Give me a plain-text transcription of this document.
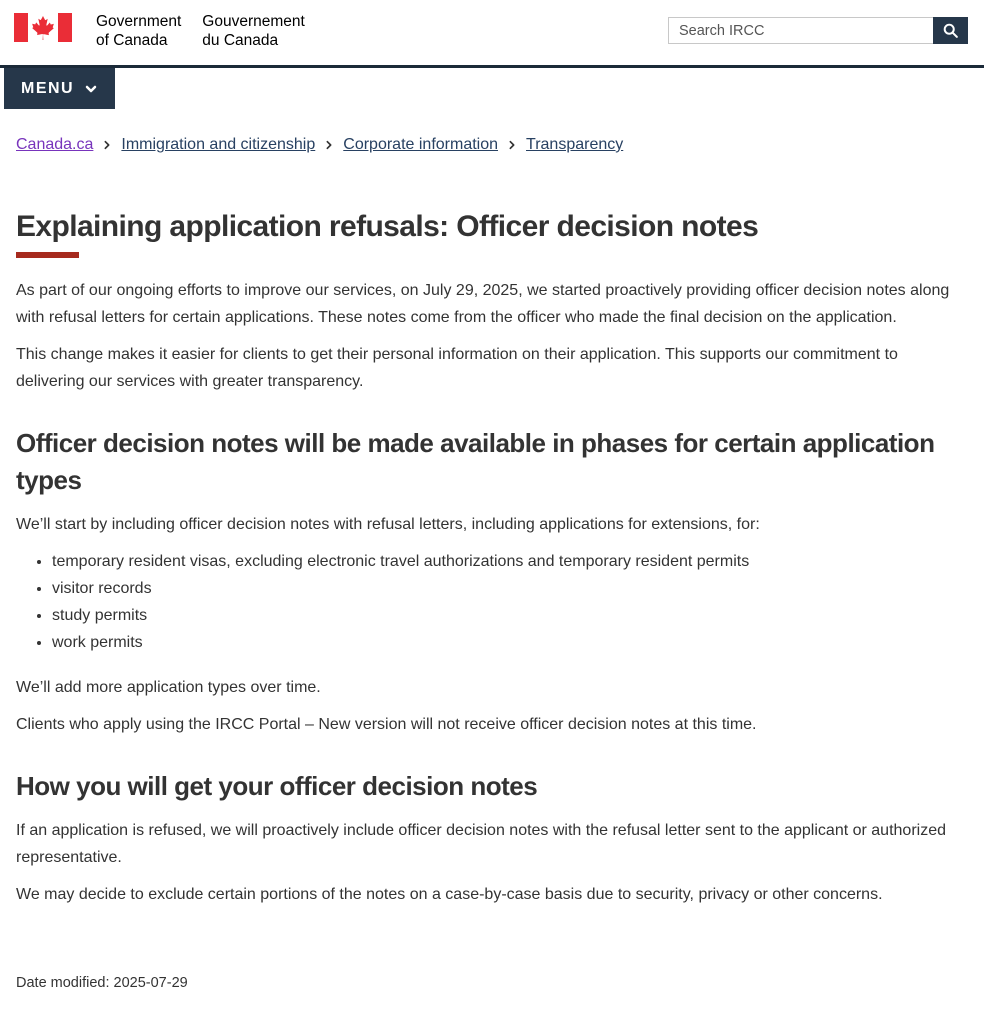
Government
of Canada
Gouvernement
du Canada
Search IRCC
MENU
Canada.ca Immigration and citizenship Corporate information Transparency
Explaining application refusals: Officer decision notes

As part of our ongoing efforts to improve our services, on July 29, 2025, we started proactively providing officer decision notes along with refusal letters for certain applications. These notes come from the officer who made the final decision on the application.

This change makes it easier for clients to get their personal information on their application. This supports our commitment to delivering our services with greater transparency.

Officer decision notes will be made available in phases for certain application types

We’ll start by including officer decision notes with refusal letters, including applications for extensions, for:

• temporary resident visas, excluding electronic travel authorizations and temporary resident permits
• visitor records
• study permits
• work permits

We’ll add more application types over time.

Clients who apply using the IRCC Portal – New version will not receive officer decision notes at this time.

How you will get your officer decision notes

If an application is refused, we will proactively include officer decision notes with the refusal letter sent to the applicant or authorized representative.

We may decide to exclude certain portions of the notes on a case-by-case basis due to security, privacy or other concerns.

Date modified: 2025-07-29
